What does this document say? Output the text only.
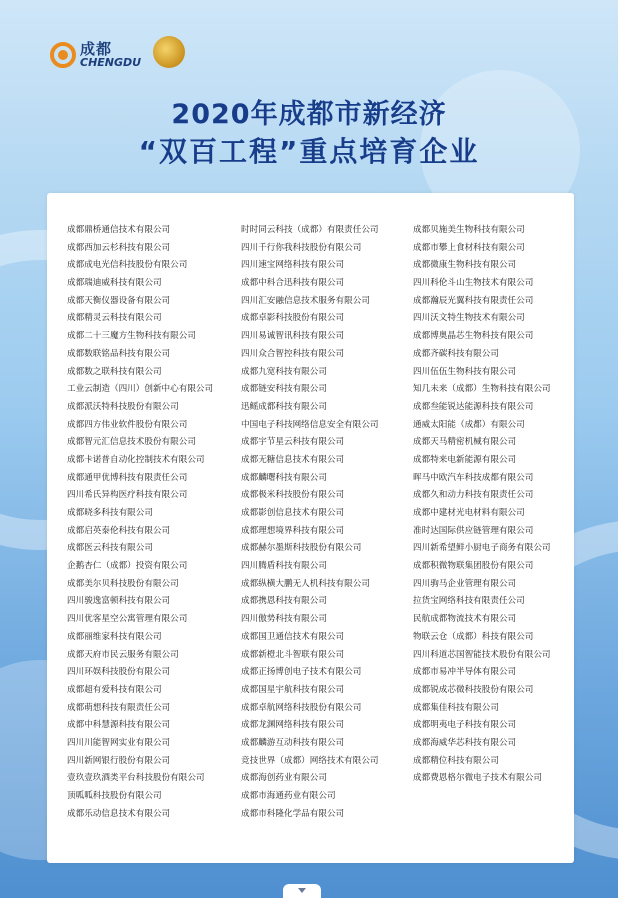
成都
CHENGDU
2020年成都市新经济
“双百工程”重点培育企业
成都鼎桥通信技术有限公司
成都西加云杉科技有限公司
成都成电光信科技股份有限公司
成都瑞迪威科技有限公司
成都天衡仪器设备有限公司
成都精灵云科技有限公司
成都二十三魔方生物科技有限公司
成都数联铭品科技有限公司
成都数之联科技有限公司
工业云制造（四川）创新中心有限公司
成都派沃特科技股份有限公司
成都四方伟业软件股份有限公司
成都智元汇信息技术股份有限公司
成都卡诺普自动化控制技术有限公司
成都通甲优博科技有限责任公司
四川希氏异构医疗科技有限公司
成都晓多科技有限公司
成都启英泰伦科技有限公司
成都医云科技有限公司
企鹅杏仁（成都）投资有限公司
成都美尔贝科技股份有限公司
四川骏逸富顿科技有限公司
四川优客星空公寓管理有限公司
成都丽维家科技有限公司
成都天府市民云服务有限公司
四川环娱科技股份有限公司
成都超有爱科技有限公司
成都萌想科技有限责任公司
成都中科慧源科技有限公司
四川川能智网实业有限公司
四川新网银行股份有限公司
壹玖壹玖酒类平台科技股份有限公司
顶呱呱科技股份有限公司
成都乐动信息技术有限公司
时时同云科技（成都）有限责任公司
四川千行你我科技股份有限公司
四川速宝网络科技有限公司
成都中科合迅科技有限公司
四川汇安融信息技术服务有限公司
成都卓影科技股份有限公司
四川易诚智讯科技有限公司
四川众合智控科技有限公司
成都九宽科技有限公司
成都链安科技有限公司
迅鳐成都科技有限公司
中国电子科技网络信息安全有限公司
成都宇节星云科技有限公司
成都无糖信息技术有限公司
成都麟曙科技有限公司
成都极米科技股份有限公司
成都影创信息技术有限公司
成都理想境界科技有限公司
成都赫尔墨斯科技股份有限公司
四川腾盾科技有限公司
成都纵横大鹏无人机科技有限公司
成都携恩科技有限公司
四川傲势科技有限公司
成都国卫通信技术有限公司
成都新橙北斗智联有限公司
成都正扬博创电子技术有限公司
成都国星宇航科技有限公司
成都卓航网络科技股份有限公司
成都龙渊网络科技有限公司
成都麟游互动科技有限公司
竞技世界（成都）网络技术有限公司
成都海创药业有限公司
成都市海通药业有限公司
成都市科隆化学品有限公司
成都贝施美生物科技有限公司
成都市攀上食材科技有限公司
成都微康生物科技有限公司
四川科伦斗山生物技术有限公司
成都瀚辰光翼科技有限责任公司
四川沃文特生物技术有限公司
成都博奥晶芯生物科技有限公司
成都齐碳科技有限公司
四川伍伍生物科技有限公司
知几未来（成都）生物科技有限公司
成都叁能锐达能源科技有限公司
通威太阳能（成都）有限公司
成都天马精密机械有限公司
成都特来电新能源有限公司
晖马中欧汽车科技成都有限公司
成都久和动力科技有限责任公司
成都中建材光电材料有限公司
准时达国际供应链管理有限公司
四川新希望鲜小厨电子商务有限公司
成都积微物联集团股份有限公司
四川驹马企业管理有限公司
拉货宝网络科技有限责任公司
民航成都物流技术有限公司
物联云仓（成都）科技有限公司
四川科道芯国智能技术股份有限公司
成都市易冲半导体有限公司
成都锐成芯微科技股份有限公司
成都集佳科技有限公司
成都明夷电子科技有限公司
成都海威华芯科技有限公司
成都精位科技有限公司
成都费恩格尔微电子技术有限公司
